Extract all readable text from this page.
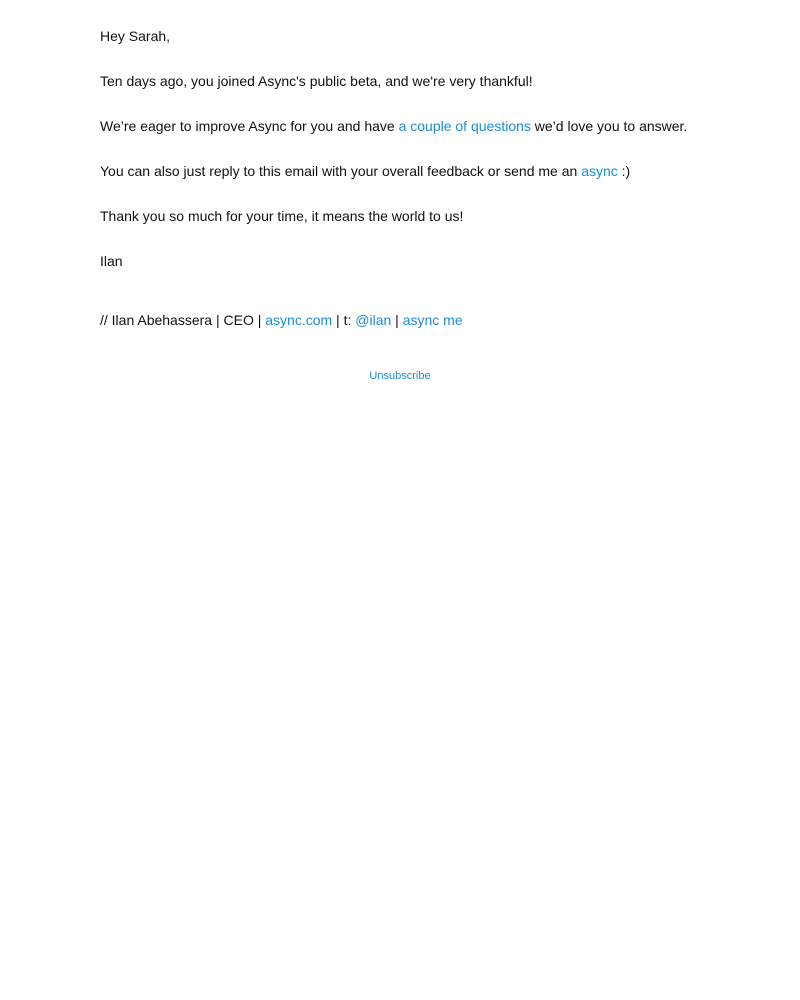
Hey Sarah,

Ten days ago, you joined Async's public beta, and we're very thankful!

We’re eager to improve Async for you and have a couple of questions we’d love you to answer.

You can also just reply to this email with your overall feedback or send me an async :)

Thank you so much for your time, it means the world to us!

Ilan

// Ilan Abehassera | CEO | async.com | t: @ilan | async me

Unsubscribe
